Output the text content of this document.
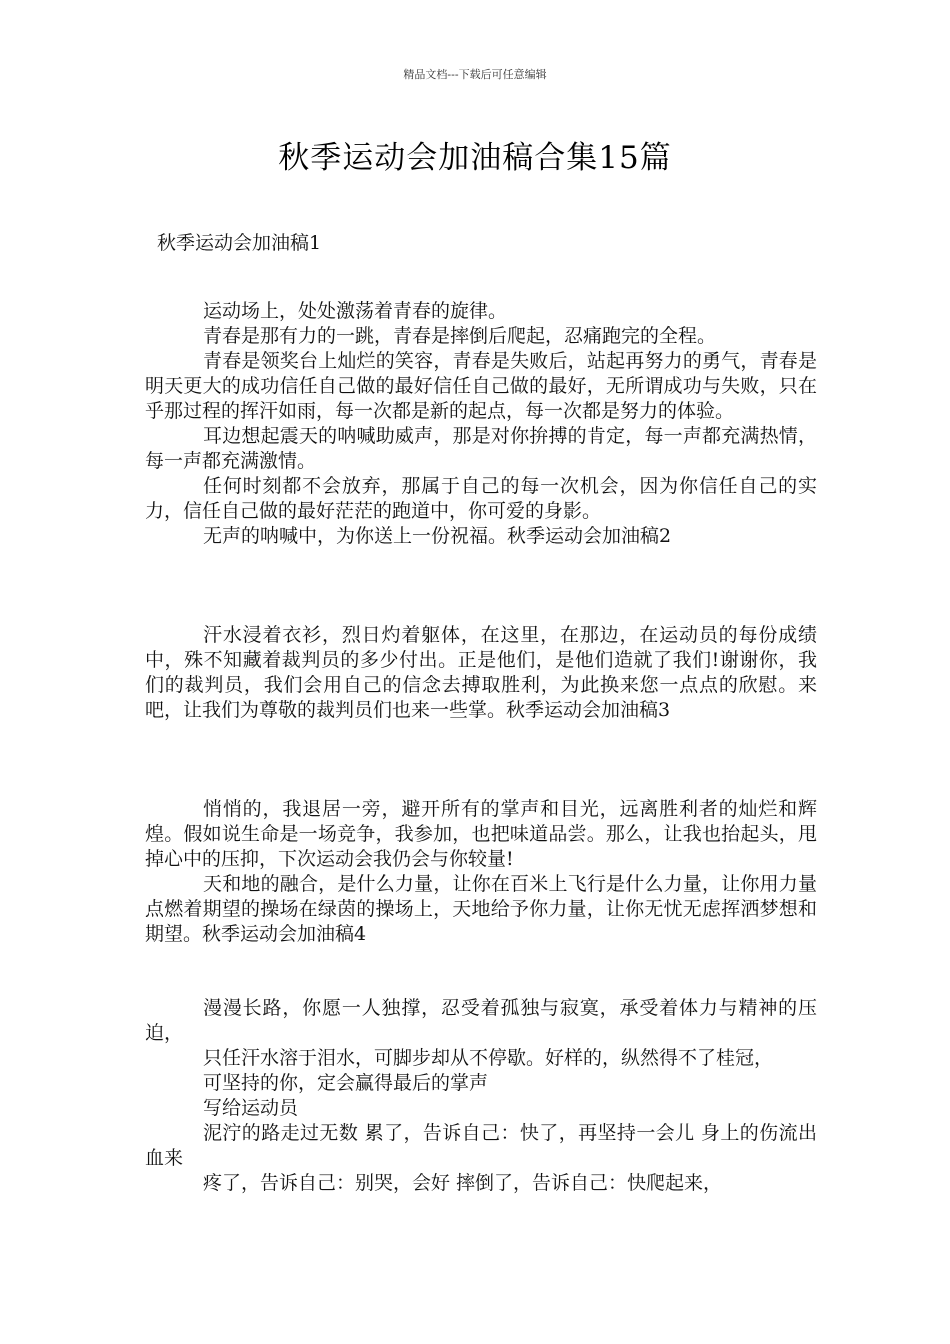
精品文档---下载后可任意编辑
秋季运动会加油稿合集15篇
秋季运动会加油稿1

运动场上，处处激荡着青春的旋律。

青春是那有力的一跳，青春是摔倒后爬起，忍痛跑完的全程。

青春是领奖台上灿烂的笑容，青春是失败后，站起再努力的勇气，青春是明天更大的成功信任自己做的最好信任自己做的最好，无所谓成功与失败，只在乎那过程的挥汗如雨，每一次都是新的起点，每一次都是努力的体验。

耳边想起震天的呐喊助威声，那是对你拚搏的肯定，每一声都充满热情，每一声都充满激情。

任何时刻都不会放弃，那属于自己的每一次机会，因为你信任自己的实力，信任自己做的最好茫茫的跑道中，你可爱的身影。

无声的呐喊中，为你送上一份祝福。秋季运动会加油稿2

汗水浸着衣衫，烈日灼着躯体，在这里，在那边，在运动员的每份成绩中，殊不知藏着裁判员的多少付出。正是他们，是他们造就了我们!谢谢你，我们的裁判员，我们会用自己的信念去搏取胜利，为此换来您一点点的欣慰。来吧，让我们为尊敬的裁判员们也来一些掌。秋季运动会加油稿3

悄悄的，我退居一旁，避开所有的掌声和目光，远离胜利者的灿烂和辉煌。假如说生命是一场竞争，我参加，也把味道品尝。那么，让我也抬起头，甩掉心中的压抑，下次运动会我仍会与你较量!

天和地的融合，是什么力量，让你在百米上飞行是什么力量，让你用力量点燃着期望的操场在绿茵的操场上，天地给予你力量，让你无忧无虑挥洒梦想和期望。秋季运动会加油稿4

漫漫长路，你愿一人独撑，忍受着孤独与寂寞，承受着体力与精神的压迫，

只任汗水溶于泪水，可脚步却从不停歇。好样的，纵然得不了桂冠，

可坚持的你，定会赢得最后的掌声

写给运动员

泥泞的路走过无数 累了，告诉自己：快了，再坚持一会儿 身上的伤流出血来

疼了，告诉自己：别哭，会好 摔倒了，告诉自己：快爬起来，
